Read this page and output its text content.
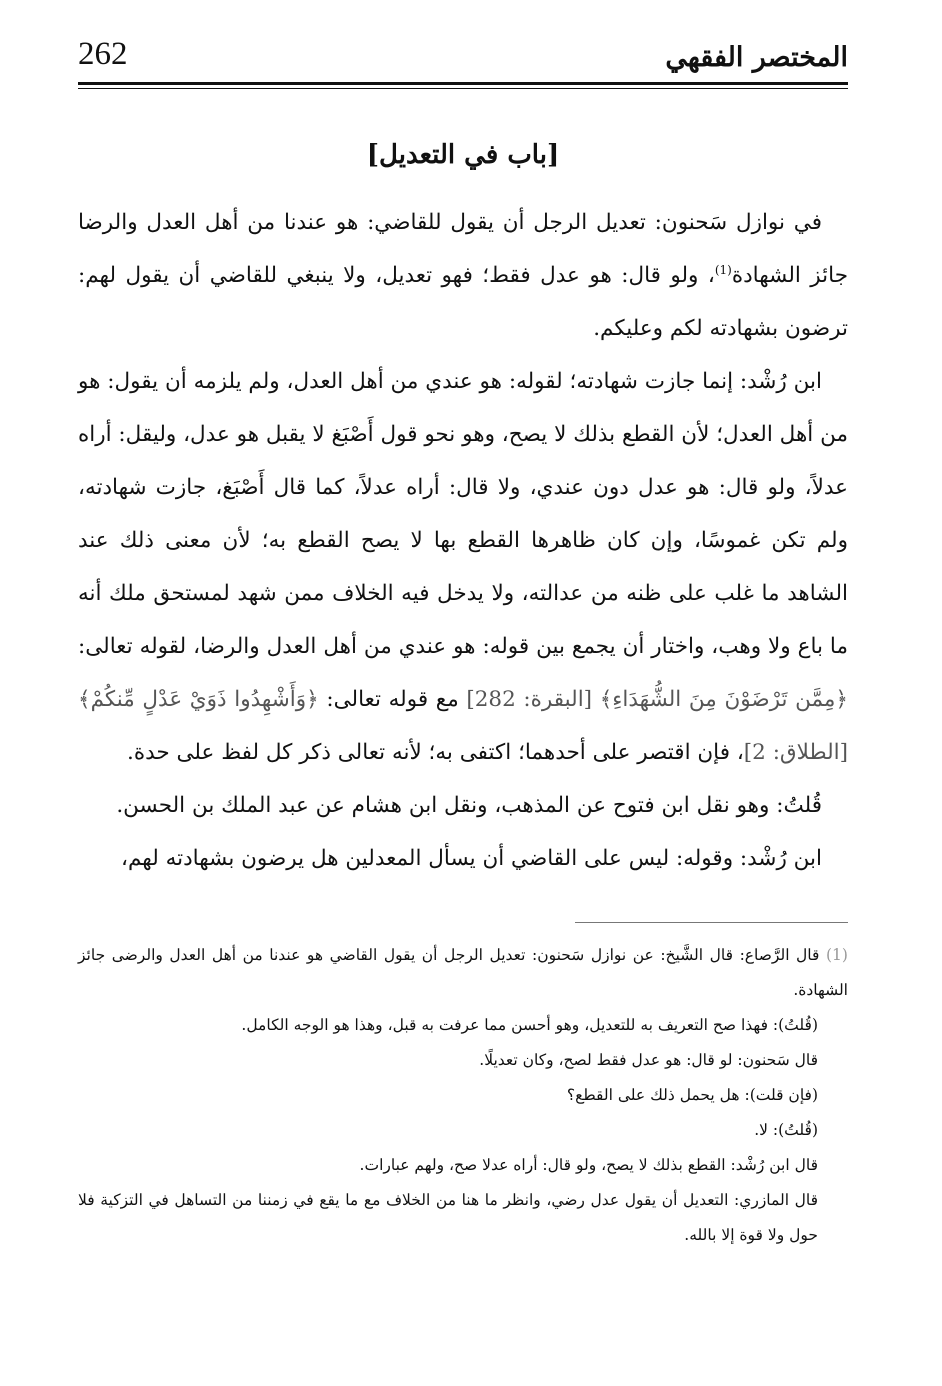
262	المختصر الفقهي
[باب في التعديل]

في نوازل سَحنون: تعديل الرجل أن يقول للقاضي: هو عندنا من أهل العدل والرضا جائز الشهادة$^{(1)}$، ولو قال: هو عدل فقط؛ فهو تعديل، ولا ينبغي للقاضي أن يقول لهم: ترضون بشهادته لكم وعليكم.

ابن رُشْد: إنما جازت شهادته؛ لقوله: هو عندي من أهل العدل، ولم يلزمه أن يقول: هو من أهل العدل؛ لأن القطع بذلك لا يصح، وهو نحو قول أَصْبَغ لا يقبل هو عدل، وليقل: أراه عدلاً، ولو قال: هو عدل دون عندي، ولا قال: أراه عدلاً، كما قال أَصْبَغ، جازت شهادته، ولم تكن غموسًا، وإن كان ظاهرها القطع بها لا يصح القطع به؛ لأن معنى ذلك عند الشاهد ما غلب على ظنه من عدالته، ولا يدخل فيه الخلاف ممن شهد لمستحق ملك أنه ما باع ولا وهب، واختار أن يجمع بين قوله: هو عندي من أهل العدل والرضا، لقوله تعالى: ﴿مِمَّن تَرْضَوْنَ مِنَ الشُّهَدَاءِ﴾ [البقرة: 282] مع قوله تعالى: ﴿وَأَشْهِدُوا ذَوَيْ عَدْلٍ مِّنكُمْ﴾ [الطلاق: 2]، فإن اقتصر على أحدهما؛ اكتفى به؛ لأنه تعالى ذكر كل لفظ على حدة.

قُلتُ: وهو نقل ابن فتوح عن المذهب، ونقل ابن هشام عن عبد الملك بن الحسن.

ابن رُشْد: وقوله: ليس على القاضي أن يسأل المعدلين هل يرضون بشهادته لهم،

(1) قال الرَّصاع: قال الشَّيخ: عن نوازل سَحنون: تعديل الرجل أن يقول القاضي هو عندنا من أهل العدل والرضى جائز الشهادة.

(قُلتُ): فهذا صح التعريف به للتعديل، وهو أحسن مما عرفت به قبل، وهذا هو الوجه الكامل.

قال سَحنون: لو قال: هو عدل فقط لصح، وكان تعديلًا.

(فإن قلت): هل يحمل ذلك على القطع؟

(قُلتُ): لا.

قال ابن رُشْد: القطع بذلك لا يصح، ولو قال: أراه عدلا صح، ولهم عبارات.

قال المازري: التعديل أن يقول عدل رضي، وانظر ما هنا من الخلاف مع ما يقع في زمننا من التساهل في التزكية فلا حول ولا قوة إلا بالله.
